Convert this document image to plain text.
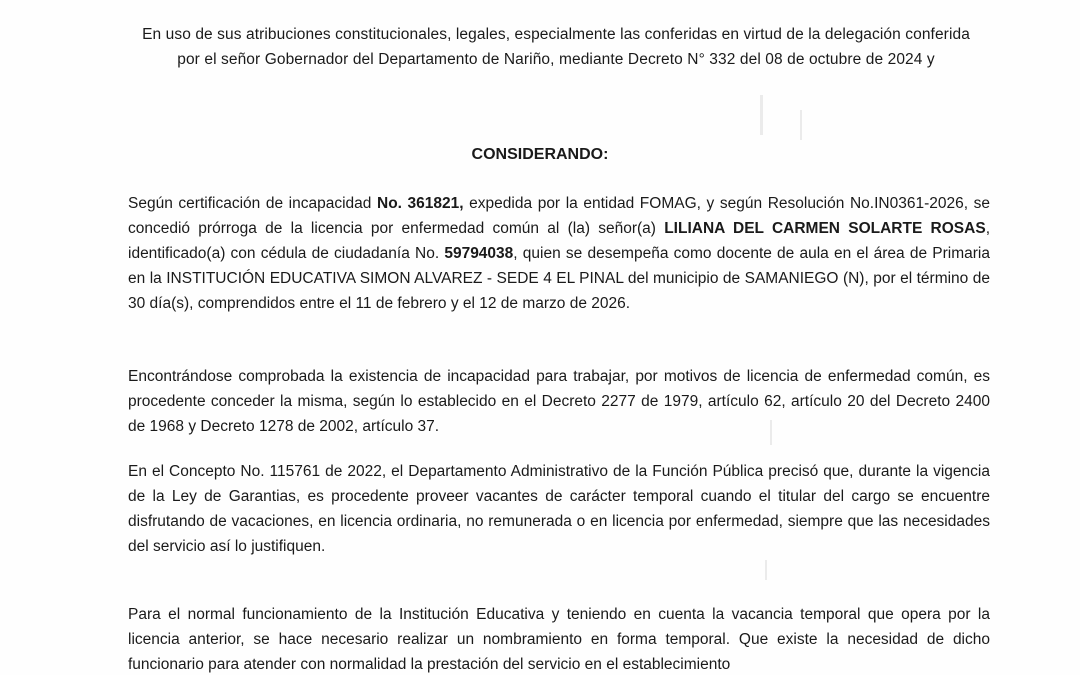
En uso de sus atribuciones constitucionales, legales, especialmente las conferidas en virtud de la delegación conferida por el señor Gobernador del Departamento de Nariño, mediante Decreto N° 332 del 08 de octubre de 2024 y
CONSIDERANDO:

Según certificación de incapacidad No. 361821, expedida por la entidad FOMAG, y según Resolución No.IN0361-2026, se concedió prórroga de la licencia por enfermedad común al (la) señor(a) LILIANA DEL CARMEN SOLARTE ROSAS, identificado(a) con cédula de ciudadanía No. 59794038, quien se desempeña como docente de aula en el área de Primaria en la INSTITUCIÓN EDUCATIVA SIMON ALVAREZ - SEDE 4 EL PINAL del municipio de SAMANIEGO (N), por el término de 30 día(s), comprendidos entre el 11 de febrero y el 12 de marzo de 2026.

Encontrándose comprobada la existencia de incapacidad para trabajar, por motivos de licencia de enfermedad común, es procedente conceder la misma, según lo establecido en el Decreto 2277 de 1979, artículo 62, artículo 20 del Decreto 2400 de 1968 y Decreto 1278 de 2002, artículo 37.

En el Concepto No. 115761 de 2022, el Departamento Administrativo de la Función Pública precisó que, durante la vigencia de la Ley de Garantias, es procedente proveer vacantes de carácter temporal cuando el titular del cargo se encuentre disfrutando de vacaciones, en licencia ordinaria, no remunerada o en licencia por enfermedad, siempre que las necesidades del servicio así lo justifiquen.

Para el normal funcionamiento de la Institución Educativa y teniendo en cuenta la vacancia temporal que opera por la licencia anterior, se hace necesario realizar un nombramiento en forma temporal. Que existe la necesidad de dicho funcionario para atender con normalidad la prestación del servicio en el establecimiento
